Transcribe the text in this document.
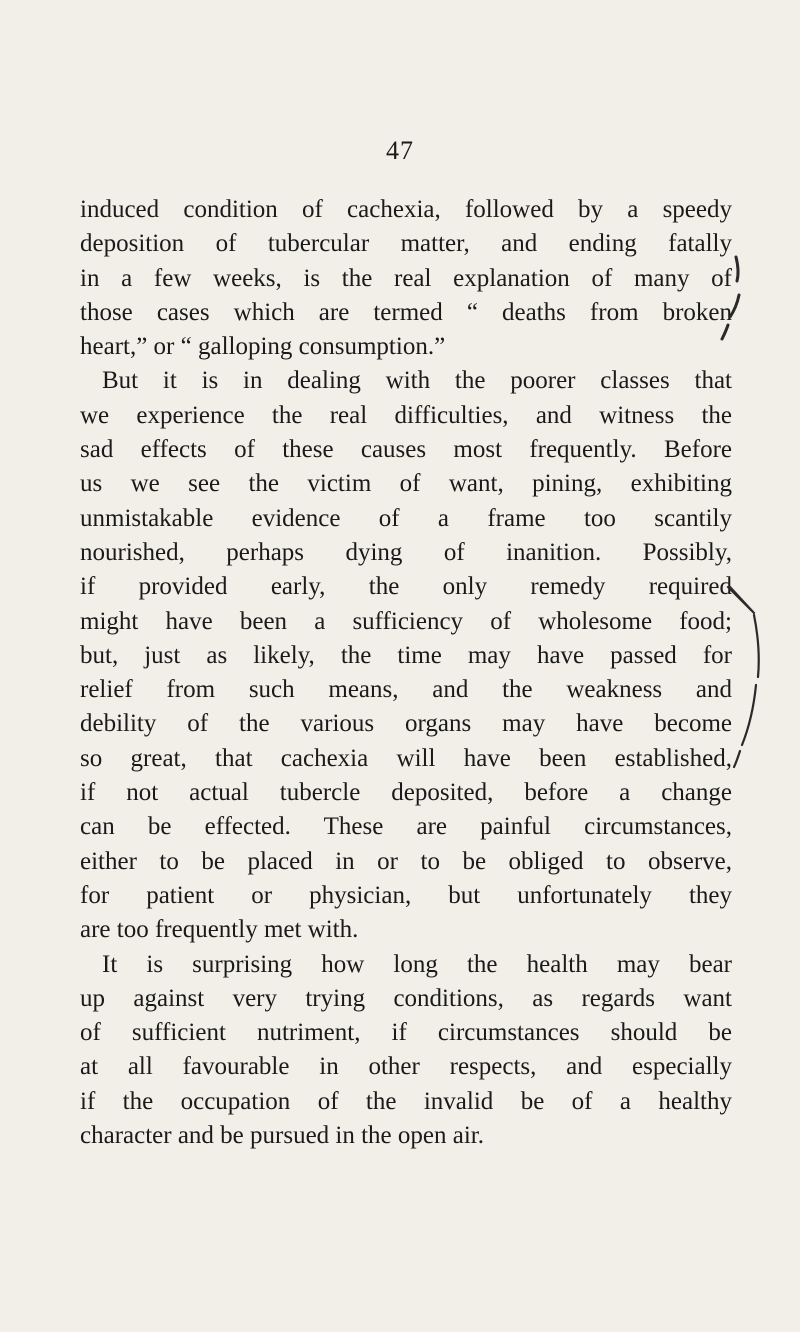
47
induced condition of cachexia, followed by a speedy
deposition of tubercular matter, and ending fatally
in a few weeks, is the real explanation of many of
those cases which are termed “ deaths from broken
heart,” or “ galloping consumption.”
But it is in dealing with the poorer classes that
we experience the real difficulties, and witness the
sad effects of these causes most frequently. Before
us we see the victim of want, pining, exhibiting
unmistakable evidence of a frame too scantily
nourished, perhaps dying of inanition. Possibly,
if provided early, the only remedy required
might have been a sufficiency of wholesome food;
but, just as likely, the time may have passed for
relief from such means, and the weakness and
debility of the various organs may have become
so great, that cachexia will have been established,
if not actual tubercle deposited, before a change
can be effected. These are painful circumstances,
either to be placed in or to be obliged to observe,
for patient or physician, but unfortunately they
are too frequently met with.
It is surprising how long the health may bear
up against very trying conditions, as regards want
of sufficient nutriment, if circumstances should be
at all favourable in other respects, and especially
if the occupation of the invalid be of a healthy
character and be pursued in the open air.
